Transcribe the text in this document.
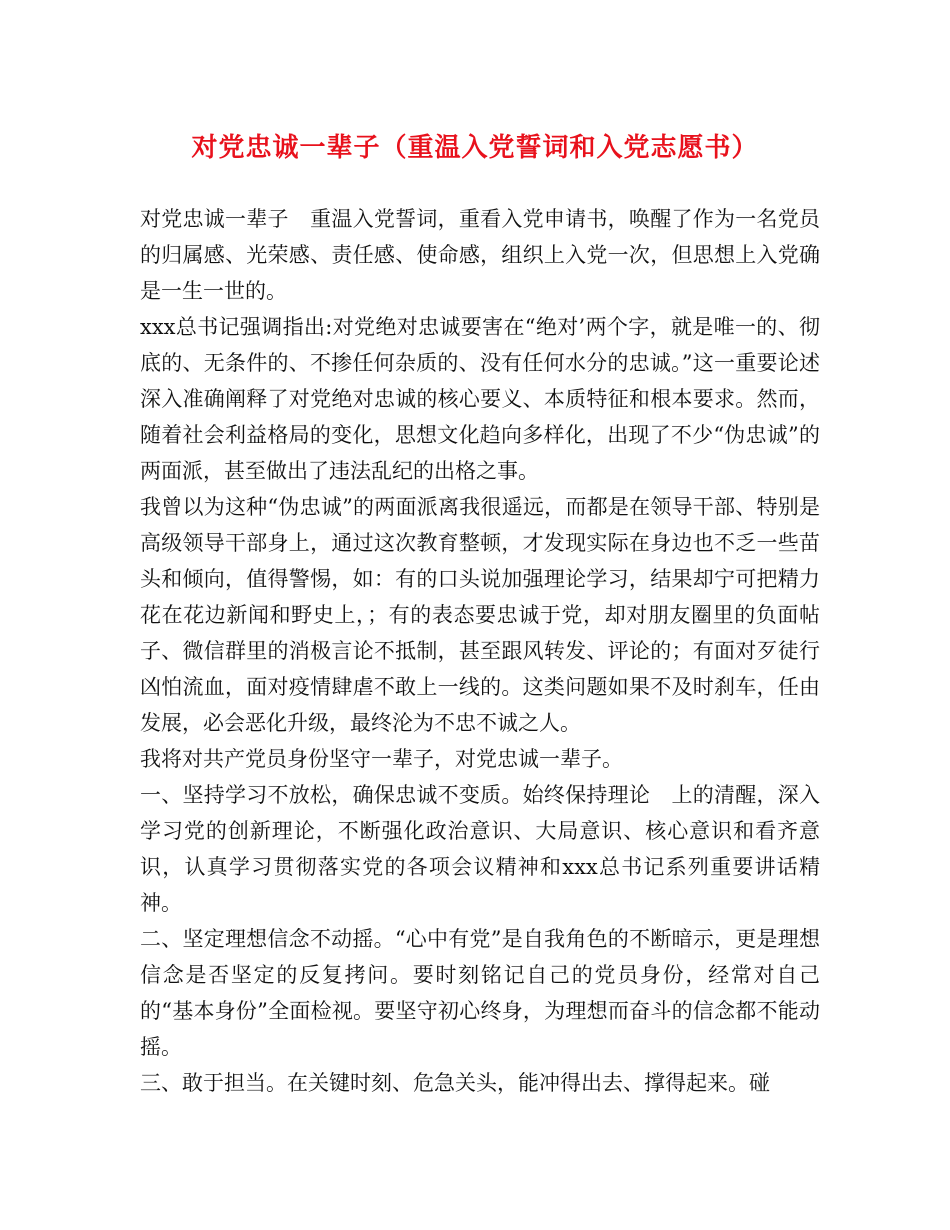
对党忠诚一辈子（重温入党誓词和入党志愿书）

对党忠诚一辈子　重温入党誓词，重看入党申请书，唤醒了作为一名党员的归属感、光荣感、责任感、使命感，组织上入党一次，但思想上入党确是一生一世的。

xxx总书记强调指出:对党绝对忠诚要害在“绝对’两个字，就是唯一的、彻底的、无条件的、不掺任何杂质的、没有任何水分的忠诚。”这一重要论述深入准确阐释了对党绝对忠诚的核心要义、本质特征和根本要求。然而，随着社会利益格局的变化，思想文化趋向多样化，出现了不少“伪忠诚”的两面派，甚至做出了违法乱纪的出格之事。

我曾以为这种“伪忠诚”的两面派离我很遥远，而都是在领导干部、特别是高级领导干部身上，通过这次教育整顿，才发现实际在身边也不乏一些苗头和倾向，值得警惕，如：有的口头说加强理论学习，结果却宁可把精力花在花边新闻和野史上，；有的表态要忠诚于党，却对朋友圈里的负面帖子、微信群里的消极言论不抵制，甚至跟风转发、评论的；有面对歹徒行凶怕流血，面对疫情肆虐不敢上一线的。这类问题如果不及时刹车，任由发展，必会恶化升级，最终沦为不忠不诚之人。

我将对共产党员身份坚守一辈子，对党忠诚一辈子。

一、坚持学习不放松，确保忠诚不变质。始终保持理论　上的清醒，深入学习党的创新理论，不断强化政治意识、大局意识、核心意识和看齐意识，认真学习贯彻落实党的各项会议精神和xxx总书记系列重要讲话精神。

二、坚定理想信念不动摇。“心中有党”是自我角色的不断暗示，更是理想信念是否坚定的反复拷问。要时刻铭记自己的党员身份，经常对自己的“基本身份”全面检视。要坚守初心终身，为理想而奋斗的信念都不能动摇。

三、敢于担当。在关键时刻、危急关头，能冲得出去、撑得起来。碰
